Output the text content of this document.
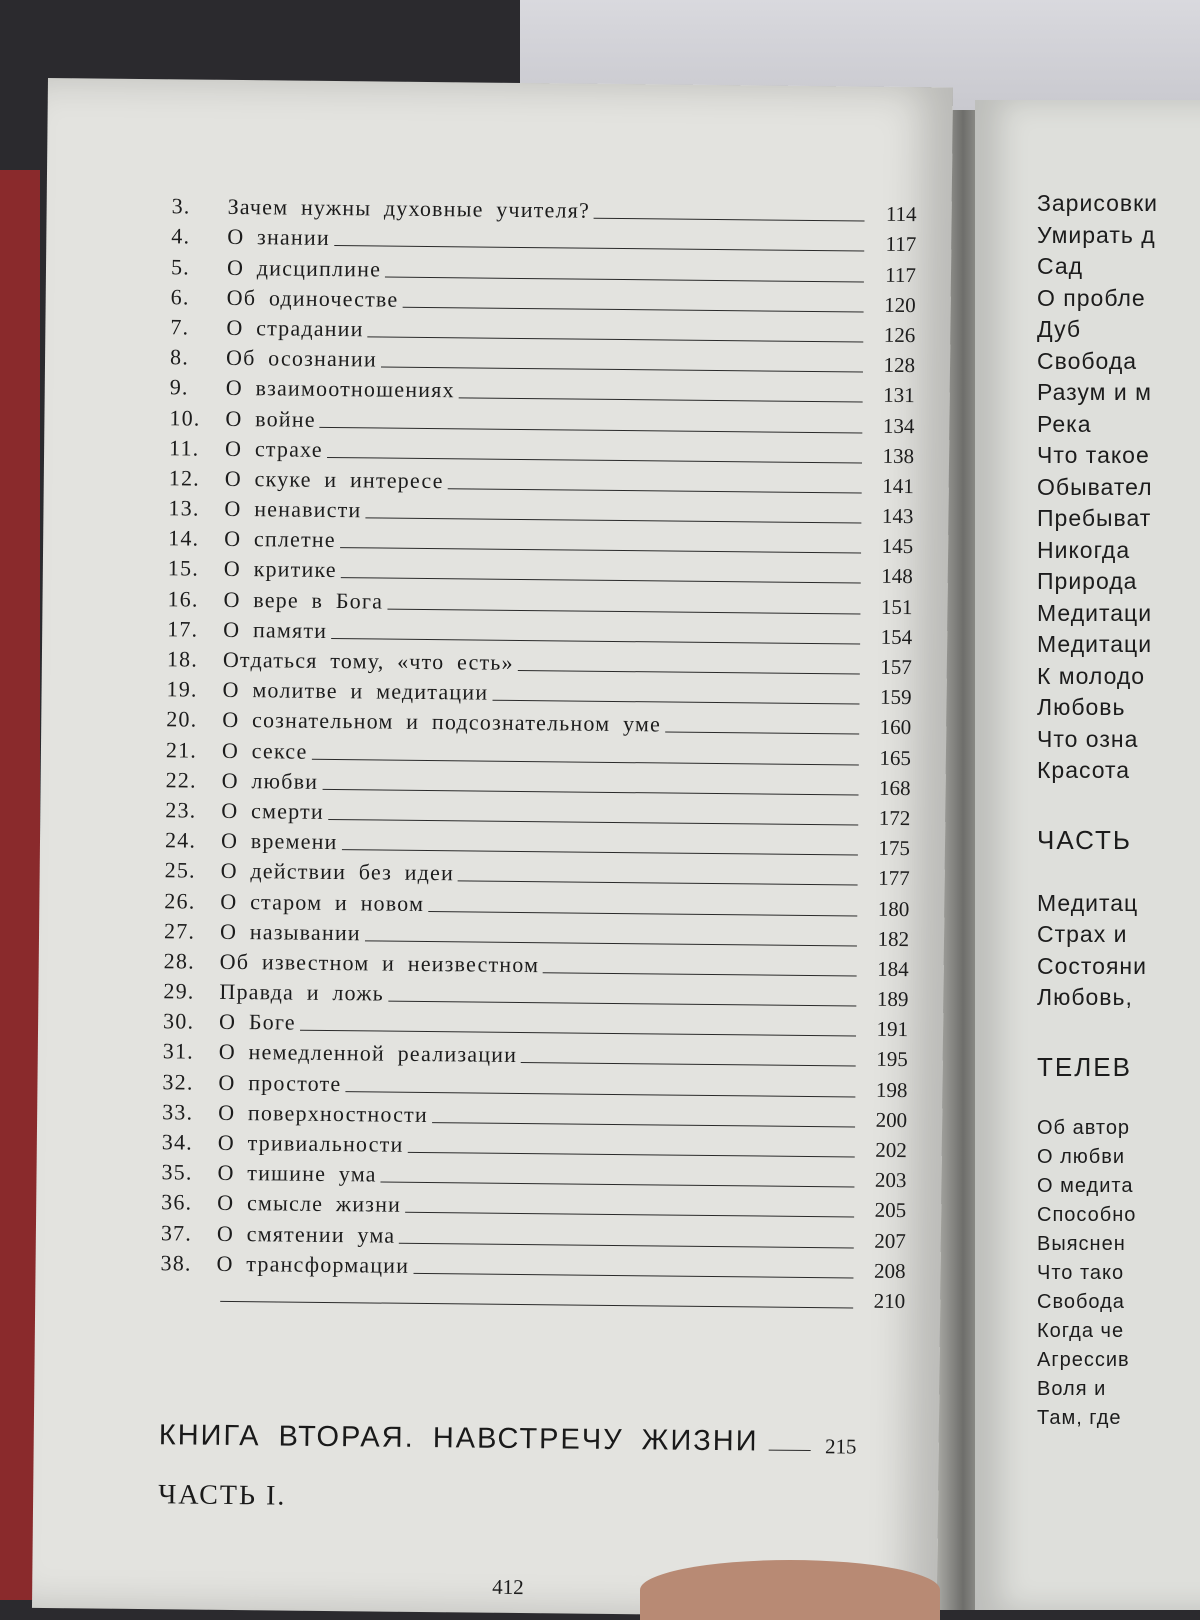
Зарисовки
Умирать д
Сад
О пробле
Дуб
Свобода
Разум и м
Река
Что такое
Обывател
Пребыват
Никогда
Природа
Медитаци
Медитаци
К молодо
Любовь
Что озна
Красота
ЧАСТЬ
Медитац
Страх и
Состояни
Любовь,
ТЕЛЕВ
Об автор
О любви
О медита
Способно
Выяснен
Что тако
Свобода
Когда че
Агрессив
Воля и
Там, где
3.	Зачем нужны духовные учителя?	114
4.	О знании	117
5.	О дисциплине	117
6.	Об одиночестве	120
7.	О страдании	126
8.	Об осознании	128
9.	О взаимоотношениях	131
10.	О войне	134
11.	О страхе	138
12.	О скуке и интересе	141
13.	О ненависти	143
14.	О сплетне	145
15.	О критике	148
16.	О вере в Бога	151
17.	О памяти	154
18.	Отдаться тому, «что есть»	157
19.	О молитве и медитации	159
20.	О сознательном и подсознательном уме	160
21.	О сексе	165
22.	О любви	168
23.	О смерти	172
24.	О времени	175
25.	О действии без идеи	177
26.	О старом и новом	180
27.	О назывании	182
28.	Об известном и неизвестном	184
29.	Правда и ложь	189
30.	О Боге	191
31.	О немедленной реализации	195
32.	О простоте	198
33.	О поверхностности	200
34.	О тривиальности	202
35.	О тишине ума	203
36.	О смысле жизни	205
37.	О смятении ума	207
38.	О трансформации	208
210
КНИГА ВТОРАЯ. НАВСТРЕЧУ ЖИЗНИ	215
ЧАСТЬ I.
412
